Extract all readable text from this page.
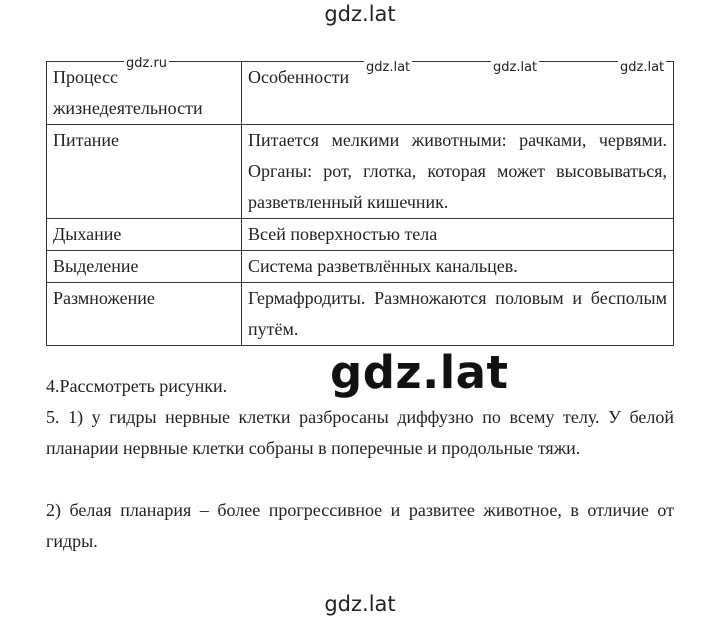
gdz.lat
Процесс жизнедеятельности	Особенности
Питание	Питается мелкими животными: рачками, червями. Органы: рот, глотка, которая может высовываться, разветвленный кишечник.
Дыхание	Всей поверхностью тела
Выделение	Система разветвлённых канальцев.
Размножение	Гермафродиты. Размножаются половым и бесполым путём.
gdz.ru	gdz.lat	gdz.lat	gdz.lat
4.Рассмотреть рисунки.
5. 1) у гидры нервные клетки разбросаны диффузно по всему телу. У белой планарии нервные клетки собраны в поперечные и продольные тяжи.
2) белая планария – более прогрессивное и развитее животное, в отличие от гидры.
gdz.lat
gdz.lat
